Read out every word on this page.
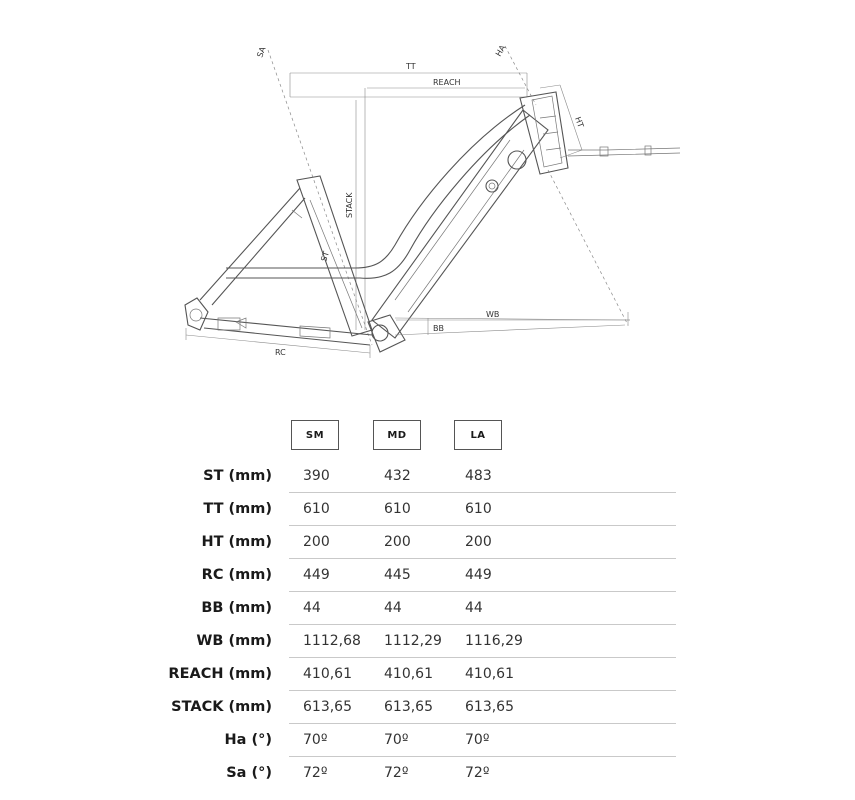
TT
REACH
SA	HA
STACK
HT
ST
BB
WB
RC
SM	MD	LA
ST (mm) 390	432	483
TT (mm) 610	610	610
HT (mm) 200	200	200
RC (mm) 449	445	449
BB (mm) 44	44	44
WB (mm) 1112,68 1112,29 1116,29
REACH (mm) 410,61 410,61 410,61
STACK (mm) 613,65 613,65 613,65
Ha (°) 70º	70º	70º
Sa (°) 72º	72º	72º
